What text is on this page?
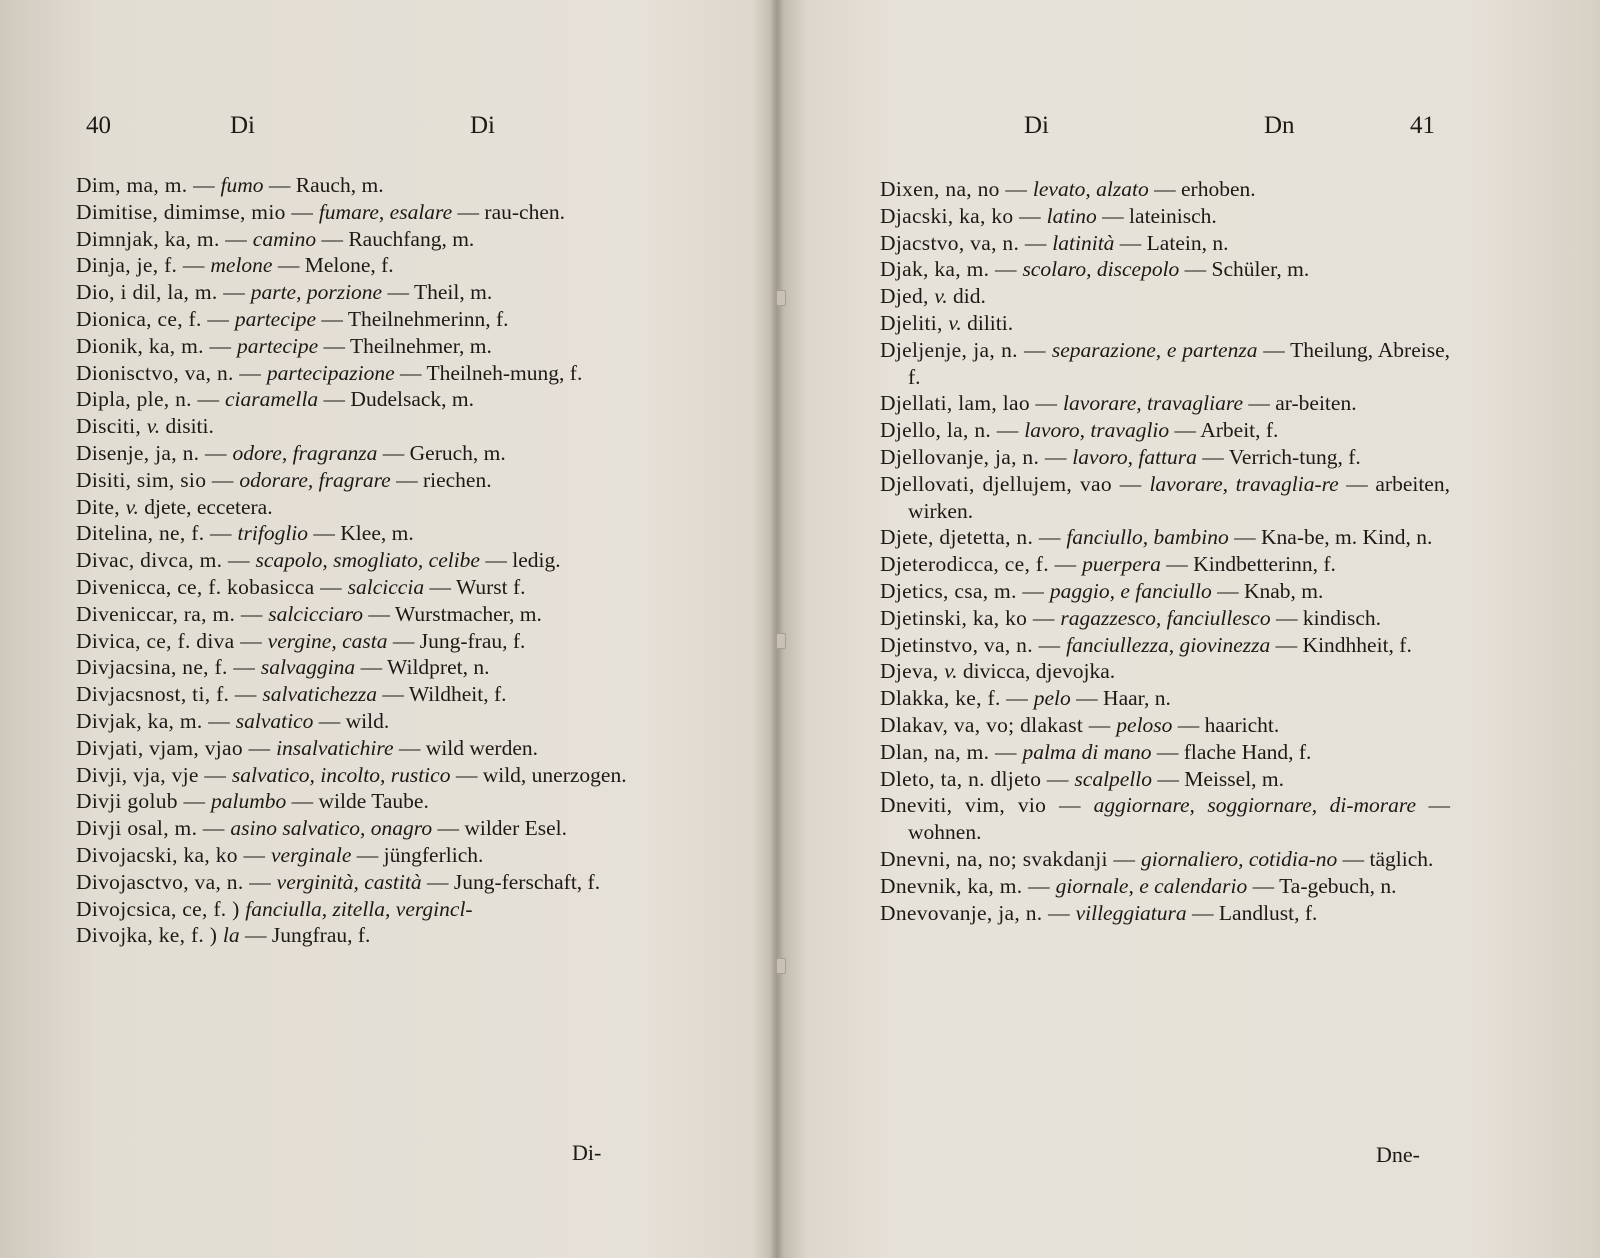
40	Di	Di

Dim, ma, m. — fumo — Rauch, m.

Dimitise, dimimse, mio — fumare, esalare — rau-chen.

Dimnjak, ka, m. — camino — Rauchfang, m.

Dinja, je, f. — melone — Melone, f.

Dio, i dil, la, m. — parte, porzione — Theil, m.

Dionica, ce, f. — partecipe — Theilnehmerinn, f.

Dionik, ka, m. — partecipe — Theilnehmer, m.

Dionisctvo, va, n. — partecipazione — Theilneh-mung, f.

Dipla, ple, n. — ciaramella — Dudelsack, m.

Disciti, v. disiti.

Disenje, ja, n. — odore, fragranza — Geruch, m.

Disiti, sim, sio — odorare, fragrare — riechen.

Dite, v. djete, eccetera.

Ditelina, ne, f. — trifoglio — Klee, m.

Divac, divca, m. — scapolo, smogliato, celibe — ledig.

Divenicca, ce, f. kobasicca — salciccia — Wurst f.

Diveniccar, ra, m. — salcicciaro — Wurstmacher, m.

Divica, ce, f. diva — vergine, casta — Jung-frau, f.

Divjacsina, ne, f. — salvaggina — Wildpret, n.

Divjacsnost, ti, f. — salvatichezza — Wildheit, f.

Divjak, ka, m. — salvatico — wild.

Divjati, vjam, vjao — insalvatichire — wild werden.

Divji, vja, vje — salvatico, incolto, rustico — wild, unerzogen.

Divji golub — palumbo — wilde Taube.

Divji osal, m. — asino salvatico, onagro — wilder Esel.

Divojacski, ka, ko — verginale — jüngferlich.

Divojasctvo, va, n. — verginità, castità — Jung-ferschaft, f.

Divojcsica, ce, f. ) fanciulla, zitella, vergincl-

Divojka, ke, f. ) la — Jungfrau, f.

Di-
Di	Dn	41
Dne-

Dixen, na, no — levato, alzato — erhoben.

Djacski, ka, ko — latino — lateinisch.

Djacstvo, va, n. — latinità — Latein, n.

Djak, ka, m. — scolaro, discepolo — Schüler, m.

Djed, v. did.

Djeliti, v. diliti.

Djeljenje, ja, n. — separazione, e partenza — Theilung, Abreise, f.

Djellati, lam, lao — lavorare, travagliare — ar-beiten.

Djello, la, n. — lavoro, travaglio — Arbeit, f.

Djellovanje, ja, n. — lavoro, fattura — Verrich-tung, f.

Djellovati, djellujem, vao — lavorare, travaglia-re — arbeiten, wirken.

Djete, djetetta, n. — fanciullo, bambino — Kna-be, m. Kind, n.

Djeterodicca, ce, f. — puerpera — Kindbetterinn, f.

Djetics, csa, m. — paggio, e fanciullo — Knab, m.

Djetinski, ka, ko — ragazzesco, fanciullesco — kindisch.

Djetinstvo, va, n. — fanciullezza, giovinezza — Kindhheit, f.

Djeva, v. divicca, djevojka.

Dlakka, ke, f. — pelo — Haar, n.

Dlakav, va, vo; dlakast — peloso — haaricht.

Dlan, na, m. — palma di mano — flache Hand, f.

Dleto, ta, n. dljeto — scalpello — Meissel, m.

Dneviti, vim, vio — aggiornare, soggiornare, di-morare — wohnen.

Dnevni, na, no; svakdanji — giornaliero, cotidia-no — täglich.

Dnevnik, ka, m. — giornale, e calendario — Ta-gebuch, n.

Dnevovanje, ja, n. — villeggiatura — Landlust, f.
